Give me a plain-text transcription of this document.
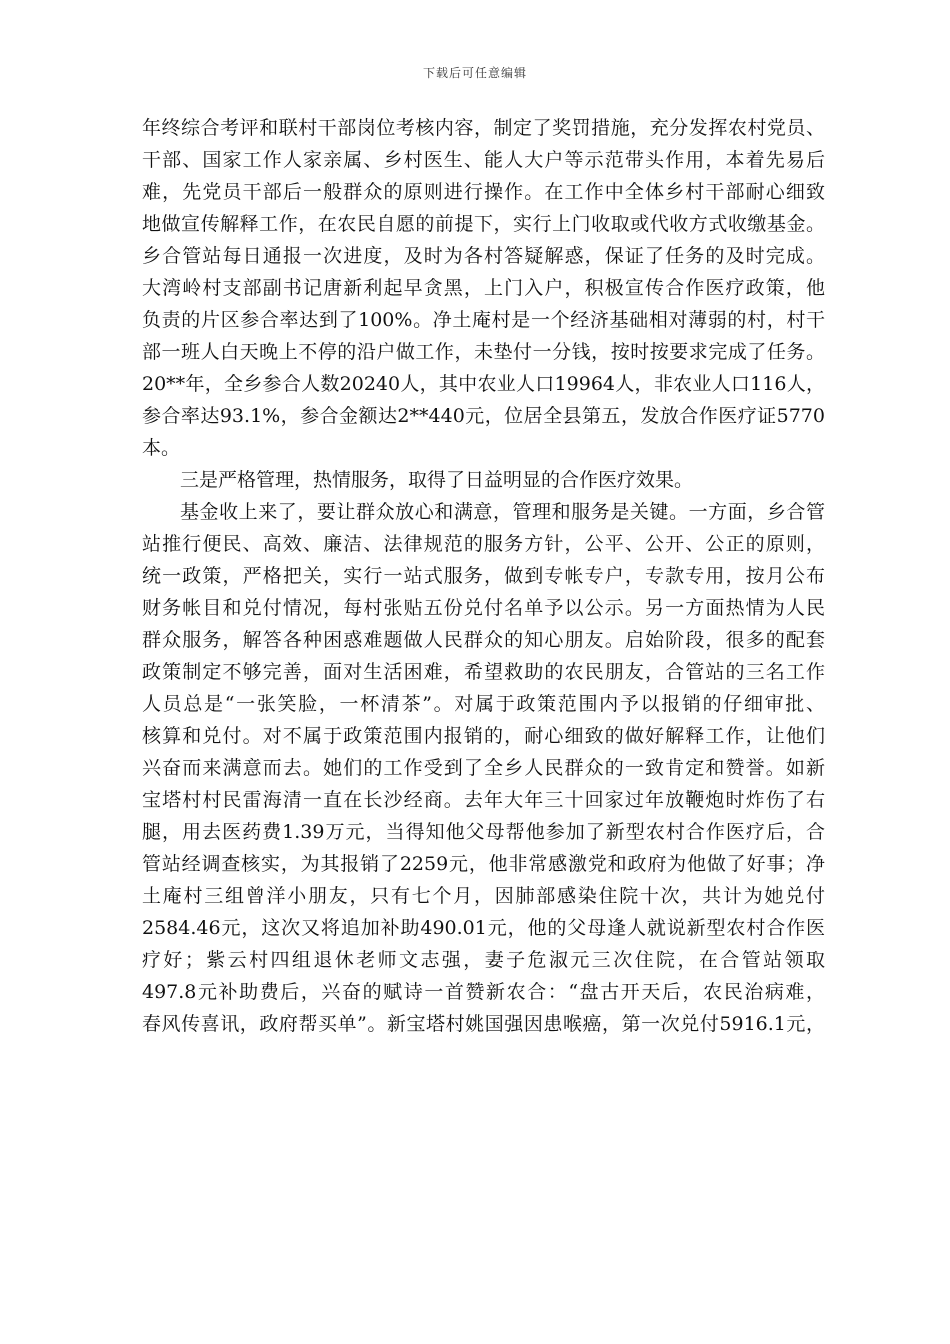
下载后可任意编辑

年终综合考评和联村干部岗位考核内容，制定了奖罚措施，充分发挥农村党员、
干部、国家工作人家亲属、乡村医生、能人大户等示范带头作用，本着先易后
难，先党员干部后一般群众的原则进行操作。在工作中全体乡村干部耐心细致
地做宣传解释工作，在农民自愿的前提下，实行上门收取或代收方式收缴基金。
乡合管站每日通报一次进度，及时为各村答疑解惑，保证了任务的及时完成。
大湾岭村支部副书记唐新利起早贪黑，上门入户，积极宣传合作医疗政策，他
负责的片区参合率达到了100%。净土庵村是一个经济基础相对薄弱的村，村干
部一班人白天晚上不停的沿户做工作，未垫付一分钱，按时按要求完成了任务。
20**年，全乡参合人数20240人，其中农业人口19964人，非农业人口116人，
参合率达93.1%，参合金额达2**440元，位居全县第五，发放合作医疗证5770
本。

三是严格管理，热情服务，取得了日益明显的合作医疗效果。

基金收上来了，要让群众放心和满意，管理和服务是关键。一方面，乡合管
站推行便民、高效、廉洁、法律规范的服务方针，公平、公开、公正的原则，
统一政策，严格把关，实行一站式服务，做到专帐专户，专款专用，按月公布
财务帐目和兑付情况，每村张贴五份兑付名单予以公示。另一方面热情为人民
群众服务，解答各种困惑难题做人民群众的知心朋友。启始阶段，很多的配套
政策制定不够完善，面对生活困难，希望救助的农民朋友，合管站的三名工作
人员总是“一张笑脸，一杯清茶”。对属于政策范围内予以报销的仔细审批、
核算和兑付。对不属于政策范围内报销的，耐心细致的做好解释工作，让他们
兴奋而来满意而去。她们的工作受到了全乡人民群众的一致肯定和赞誉。如新
宝塔村村民雷海清一直在长沙经商。去年大年三十回家过年放鞭炮时炸伤了右
腿，用去医药费1.39万元，当得知他父母帮他参加了新型农村合作医疗后，合
管站经调查核实，为其报销了2259元，他非常感激党和政府为他做了好事；净
土庵村三组曾洋小朋友，只有七个月，因肺部感染住院十次，共计为她兑付
2584.46元，这次又将追加补助490.01元，他的父母逢人就说新型农村合作医
疗好；紫云村四组退休老师文志强，妻子危淑元三次住院，在合管站领取
497.8元补助费后，兴奋的赋诗一首赞新农合：“盘古开天后，农民治病难，
春风传喜讯，政府帮买单”。新宝塔村姚国强因患喉癌，第一次兑付5916.1元，
